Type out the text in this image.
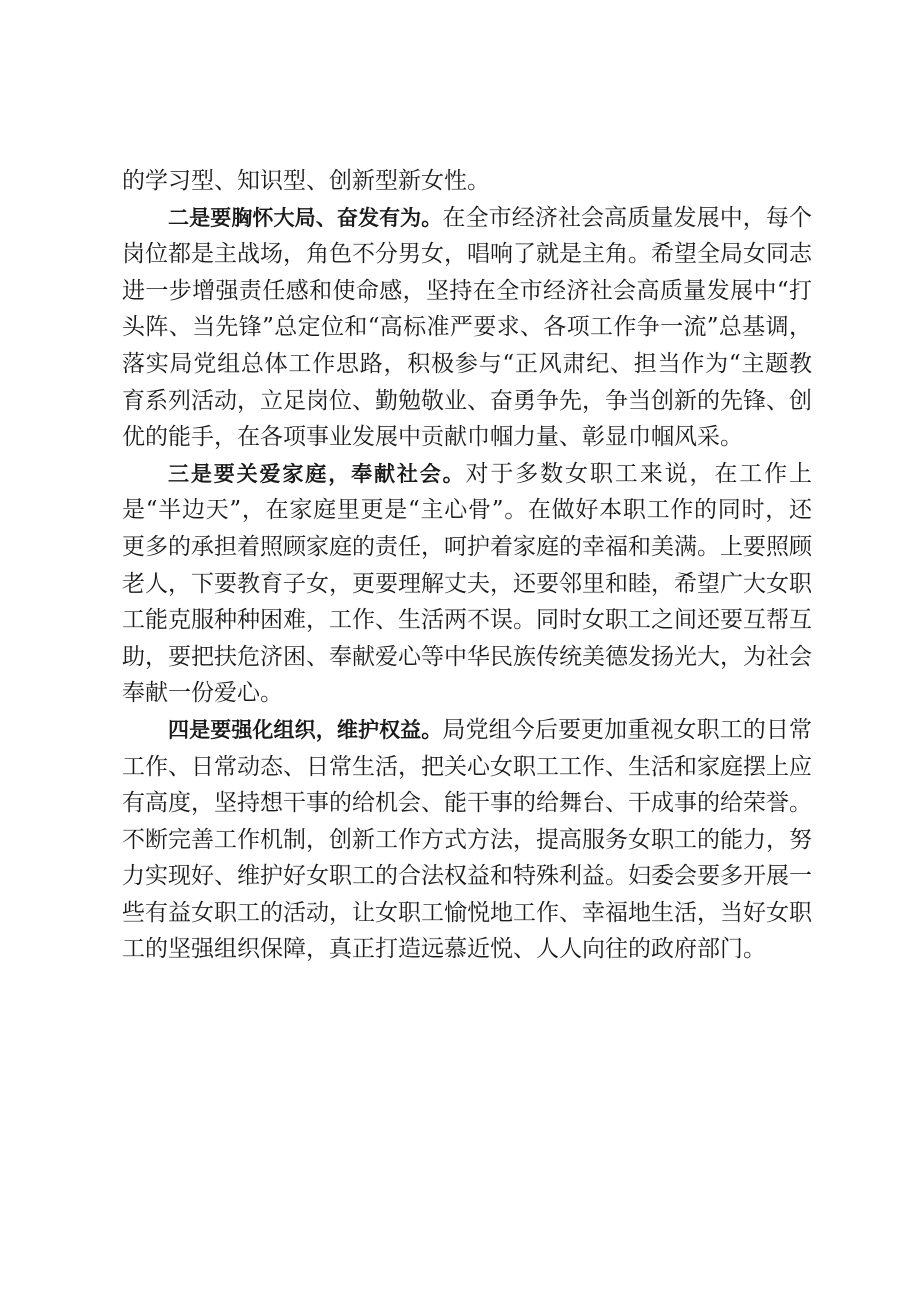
的学习型、知识型、创新型新女性。

二是要胸怀大局、奋发有为。在全市经济社会高质量发展中，每个岗位都是主战场，角色不分男女，唱响了就是主角。希望全局女同志进一步增强责任感和使命感，坚持在全市经济社会高质量发展中“打头阵、当先锋”总定位和“高标准严要求、各项工作争一流”总基调，落实局党组总体工作思路，积极参与“正风肃纪、担当作为“主题教育系列活动，立足岗位、勤勉敬业、奋勇争先，争当创新的先锋、创优的能手，在各项事业发展中贡献巾帼力量、彰显巾帼风采。

三是要关爱家庭，奉献社会。对于多数女职工来说，在工作上是“半边天”，在家庭里更是“主心骨”。在做好本职工作的同时，还更多的承担着照顾家庭的责任，呵护着家庭的幸福和美满。上要照顾老人，下要教育子女，更要理解丈夫，还要邻里和睦，希望广大女职工能克服种种困难，工作、生活两不误。同时女职工之间还要互帮互助，要把扶危济困、奉献爱心等中华民族传统美德发扬光大，为社会奉献一份爱心。

四是要强化组织，维护权益。局党组今后要更加重视女职工的日常工作、日常动态、日常生活，把关心女职工工作、生活和家庭摆上应有高度，坚持想干事的给机会、能干事的给舞台、干成事的给荣誉。不断完善工作机制，创新工作方式方法，提高服务女职工的能力，努力实现好、维护好女职工的合法权益和特殊利益。妇委会要多开展一些有益女职工的活动，让女职工愉悦地工作、幸福地生活，当好女职工的坚强组织保障，真正打造远慕近悦、人人向往的政府部门。
